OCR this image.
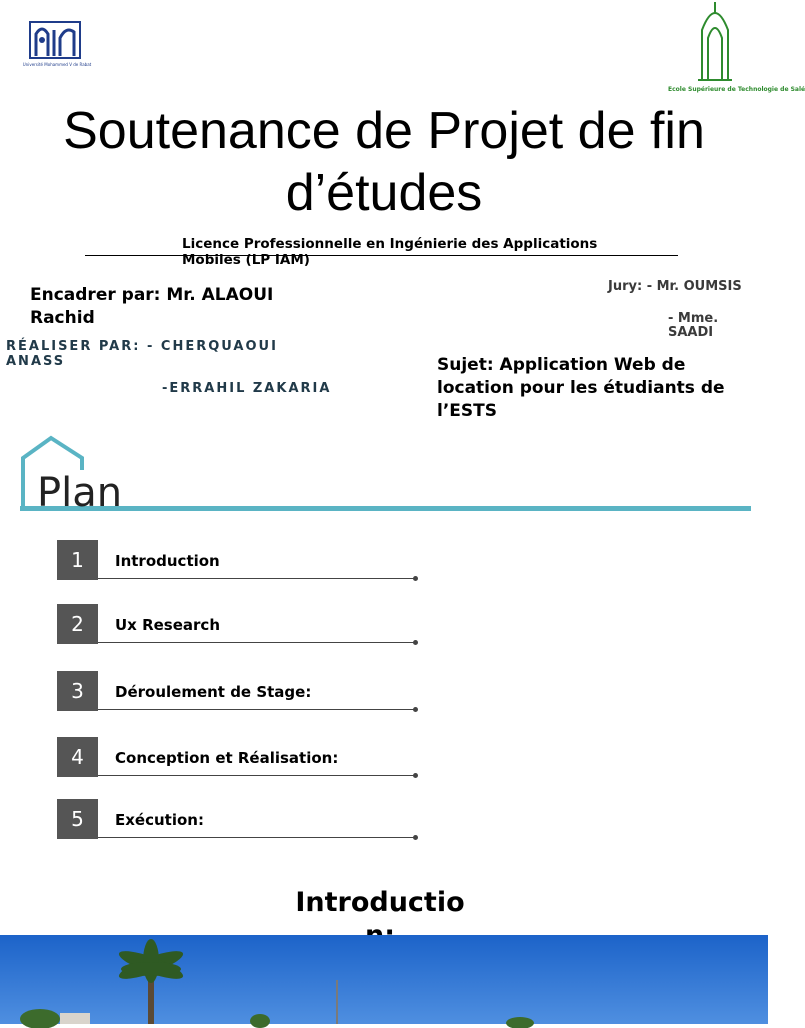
Université Mohammed V de Rabat
Ecole Supérieure de Technologie de Salé
Soutenance de Projet de fin d’études
Licence Professionnelle en Ingénierie des Applications Mobiles (LP IAM)
Encadrer par: Mr. ALAOUI Rachid
Jury: - Mr. OUMSIS
- Mme. SAADI
RÉALISER PAR: - CHERQUAOUI ANASS
-ERRAHIL ZAKARIA
Sujet: Application Web de location pour les étudiants de l’ESTS
Plan
1	Introduction
2	Ux Research
3	Déroulement de Stage:
4	Conception et Réalisation:
5	Exécution:
Introductio
